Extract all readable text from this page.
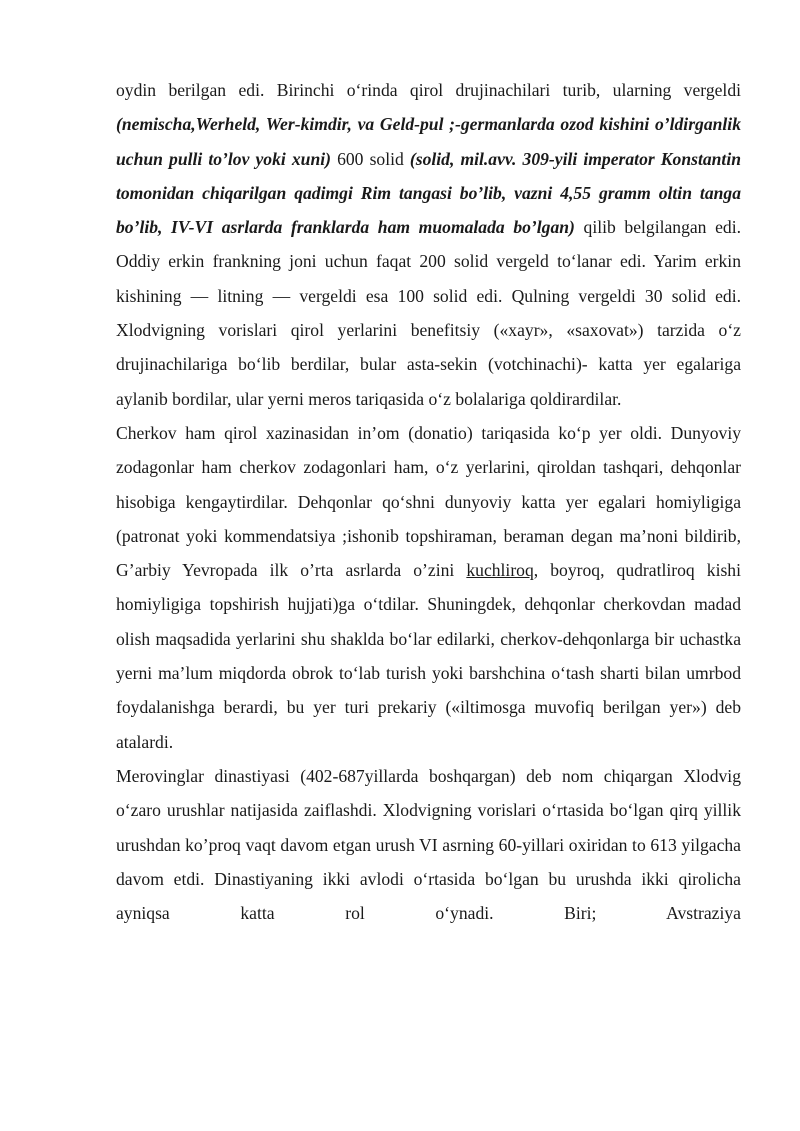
oydin berilgan edi. Birinchi o‘rinda qirol drujinachilari turib, ularning vergeldi (nemischa,Werheld, Wer-kimdir, va Geld-pul ;-germanlarda ozod kishini o’ldirganlik uchun pulli to’lov yoki xuni) 600 solid (solid, mil.avv. 309-yili imperator Konstantin tomonidan chiqarilgan qadimgi Rim tangasi bo’lib, vazni 4,55 gramm oltin tanga bo’lib, IV-VI asrlarda franklarda ham muomalada bo’lgan) qilib belgilangan edi. Oddiy erkin frankning joni uchun faqat 200 solid vergeld to‘lanar edi. Yarim erkin kishining — litning — vergeldi esa 100 solid edi. Qulning vergeldi 30 solid edi.

Xlodvigning vorislari qirol yerlarini benefitsiy («xayr», «saxovat») tarzida o‘z drujinachilariga bo‘lib berdilar, bular asta-sekin (votchinachi)- katta yer egalariga aylanib bordilar, ular yerni meros tariqasida o‘z bolalariga qoldirardilar.

Cherkov ham qirol xazinasidan in’om (donatio) tariqasida ko‘p yer oldi. Dunyoviy zodagonlar ham cherkov zodagonlari ham, o‘z yerlarini, qiroldan tashqari, dehqonlar hisobiga kengaytirdilar. Dehqonlar qo‘shni dunyoviy katta yer egalari homiyligiga (patronat yoki kommendatsiya ;ishonib topshiraman, beraman degan ma’noni bildirib, G’arbiy Yevropada ilk o’rta asrlarda o’zini kuchliroq, boyroq, qudratliroq kishi homiyligiga topshirish hujjati)ga o‘tdilar. Shuningdek, dehqonlar cherkovdan madad olish maqsadida yerlarini shu shaklda bo‘lar edilarki, cherkov-dehqonlarga bir uchastka yerni ma’lum miqdorda obrok to‘lab turish yoki barshchina o‘tash sharti bilan umrbod foydalanishga berardi, bu yer turi prekariy («iltimosga muvofiq berilgan yer») deb atalardi.

Merovinglar dinastiyasi (402-687yillarda boshqargan) deb nom chiqargan Xlodvig o‘zaro urushlar natijasida zaiflashdi. Xlodvigning vorislari o‘rtasida bo‘lgan qirq yillik urushdan ko’proq vaqt davom etgan urush VI asrning 60-yillari oxiridan to 613 yilgacha davom etdi. Dinastiyaning ikki avlodi o‘rtasida bo‘lgan bu urushda ikki qirolicha ayniqsa katta rol o‘ynadi. Biri; Avstraziya
